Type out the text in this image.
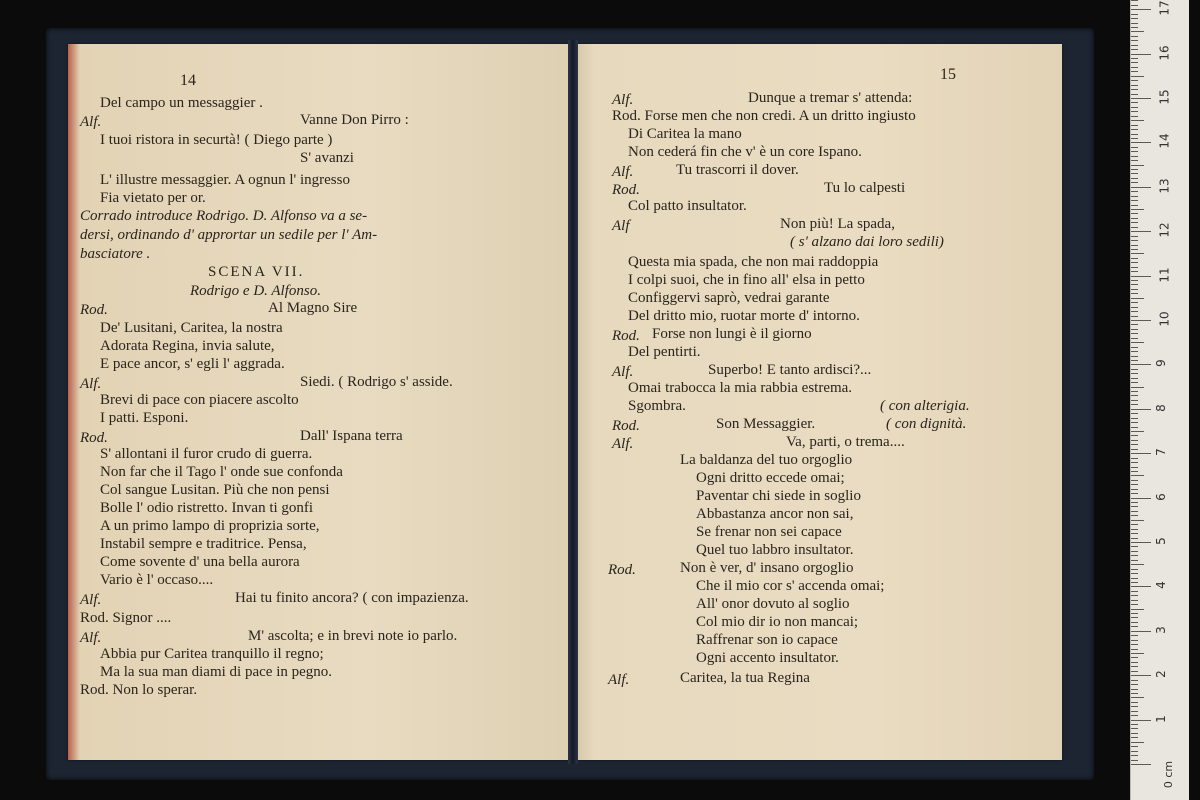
14	15
Del campo un messaggier .
Alf.	Vanne Don Pirro :
I tuoi ristora in securtà! ( Diego parte )
S' avanzi
L' illustre messaggier. A ognun l' ingresso
Fia vietato per or.
Corrado introduce Rodrigo. D. Alfonso va a se-
dersi, ordinando d' apprortar un sedile per l' Am-
basciatore .
SCENA VII.
Rodrigo e D. Alfonso.
Rod.	Al Magno Sire
De' Lusitani, Caritea, la nostra
Adorata Regina, invia salute,
E pace ancor, s' egli l' aggrada.
Alf.	Siedi. ( Rodrigo s' asside.
Brevi di pace con piacere ascolto
I patti. Esponi.
Rod.	Dall' Ispana terra
S' allontani il furor crudo di guerra.
Non far che il Tago l' onde sue confonda
Col sangue Lusitan. Più che non pensi
Bolle l' odio ristretto. Invan ti gonfi
A un primo lampo di proprizia sorte,
Instabil sempre e traditrice. Pensa,
Come sovente d' una bella aurora
Vario è l' occaso....
Alf.	Hai tu finito ancora? ( con impazienza.
Rod. Signor ....
Alf.	M' ascolta; e in brevi note io parlo.
Abbia pur Caritea tranquillo il regno;
Ma la sua man diami di pace in pegno.
Rod. Non lo sperar.
Alf.	Dunque a tremar s' attenda:
Rod. Forse men che non credi. A un dritto ingiusto
Di Caritea la mano
Non cederá fin che v' è un core Ispano.
Alf.	Tu trascorri il dover.
Rod.	Tu lo calpesti
Col patto insultator.
Alf	Non più! La spada,
( s' alzano dai loro sedili)
Questa mia spada, che non mai raddoppia
I colpi suoi, che in fino all' elsa in petto
Configgervi saprò, vedrai garante
Del dritto mio, ruotar morte d' intorno.
Rod. Forse non lungi è il giorno
Del pentirti.
Alf.	Superbo! E tanto ardisci?...
Omai trabocca la mia rabbia estrema.
Sgombra.	( con alterigia.
Rod.	Son Messaggier.	( con dignità.
Alf.	Va, parti, o trema....
La baldanza del tuo orgoglio
Ogni dritto eccede omai;
Paventar chi siede in soglio
Abbastanza ancor non sai,
Se frenar non sei capace
Quel tuo labbro insultator.
Rod.	Non è ver, d' insano orgoglio
Che il mio cor s' accenda omai;
All' onor dovuto al soglio
Col mio dir io non mancai;
Raffrenar son io capace
Ogni accento insultator.
Alf.	Caritea, la tua Regina
1
2
3
4
5
6
7
8
9
10
11
12
13
14
15
16
17
0 cm
